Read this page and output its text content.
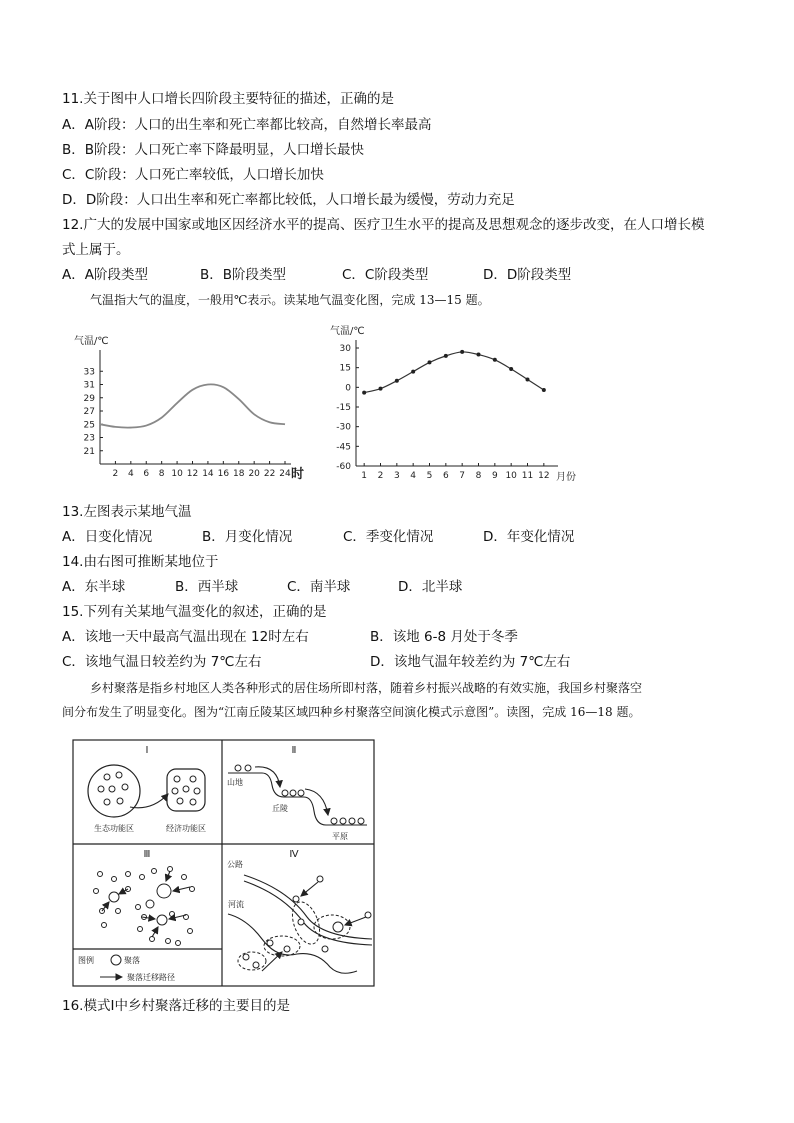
11.关于图中人口增长四阶段主要特征的描述，正确的是
A．A阶段：人口的出生率和死亡率都比较高，自然增长率最高
B．B阶段：人口死亡率下降最明显，人口增长最快
C．C阶段：人口死亡率较低，人口增长加快
D．D阶段：人口出生率和死亡率都比较低，人口增长最为缓慢，劳动力充足
12.广大的发展中国家或地区因经济水平的提高、医疗卫生水平的提高及思想观念的逐步改变，在人口增长模
式上属于。
A．A阶段类型	B．B阶段类型	C．C阶段类型	D．D阶段类型
气温指大气的温度，一般用℃表示。读某地气温变化图，完成 13—15 题。
气温/℃
21
23
25
27
29
31
33
2 4 6 8 10 12 14 16 18 20 22 24 时
气温/℃
30
15
0
-15
-30
-45
-60
1 2 3 4 5 6 7 8 9 10 11 12 月份
13.左图表示某地气温
A．日变化情况	B．月变化情况	C．季变化情况	D．年变化情况
14.由右图可推断某地位于
A．东半球	B．西半球	C．南半球	D．北半球
15.下列有关某地气温变化的叙述，正确的是
A．该地一天中最高气温出现在 12时左右	B．该地 6-8 月处于冬季
C．该地气温日较差约为 7℃左右	D．该地气温年较差约为 7℃左右
乡村聚落是指乡村地区人类各种形式的居住场所即村落，随着乡村振兴战略的有效实施，我国乡村聚落空
间分布发生了明显变化。图为“江南丘陵某区域四种乡村聚落空间演化模式示意图”。读图，完成 16—18 题。
Ⅰ
生态功能区	经济功能区
Ⅱ
山地
丘陵
平原
Ⅲ
图例	聚落
聚落迁移路径
Ⅳ
公路
河流
16.模式Ⅰ中乡村聚落迁移的主要目的是
